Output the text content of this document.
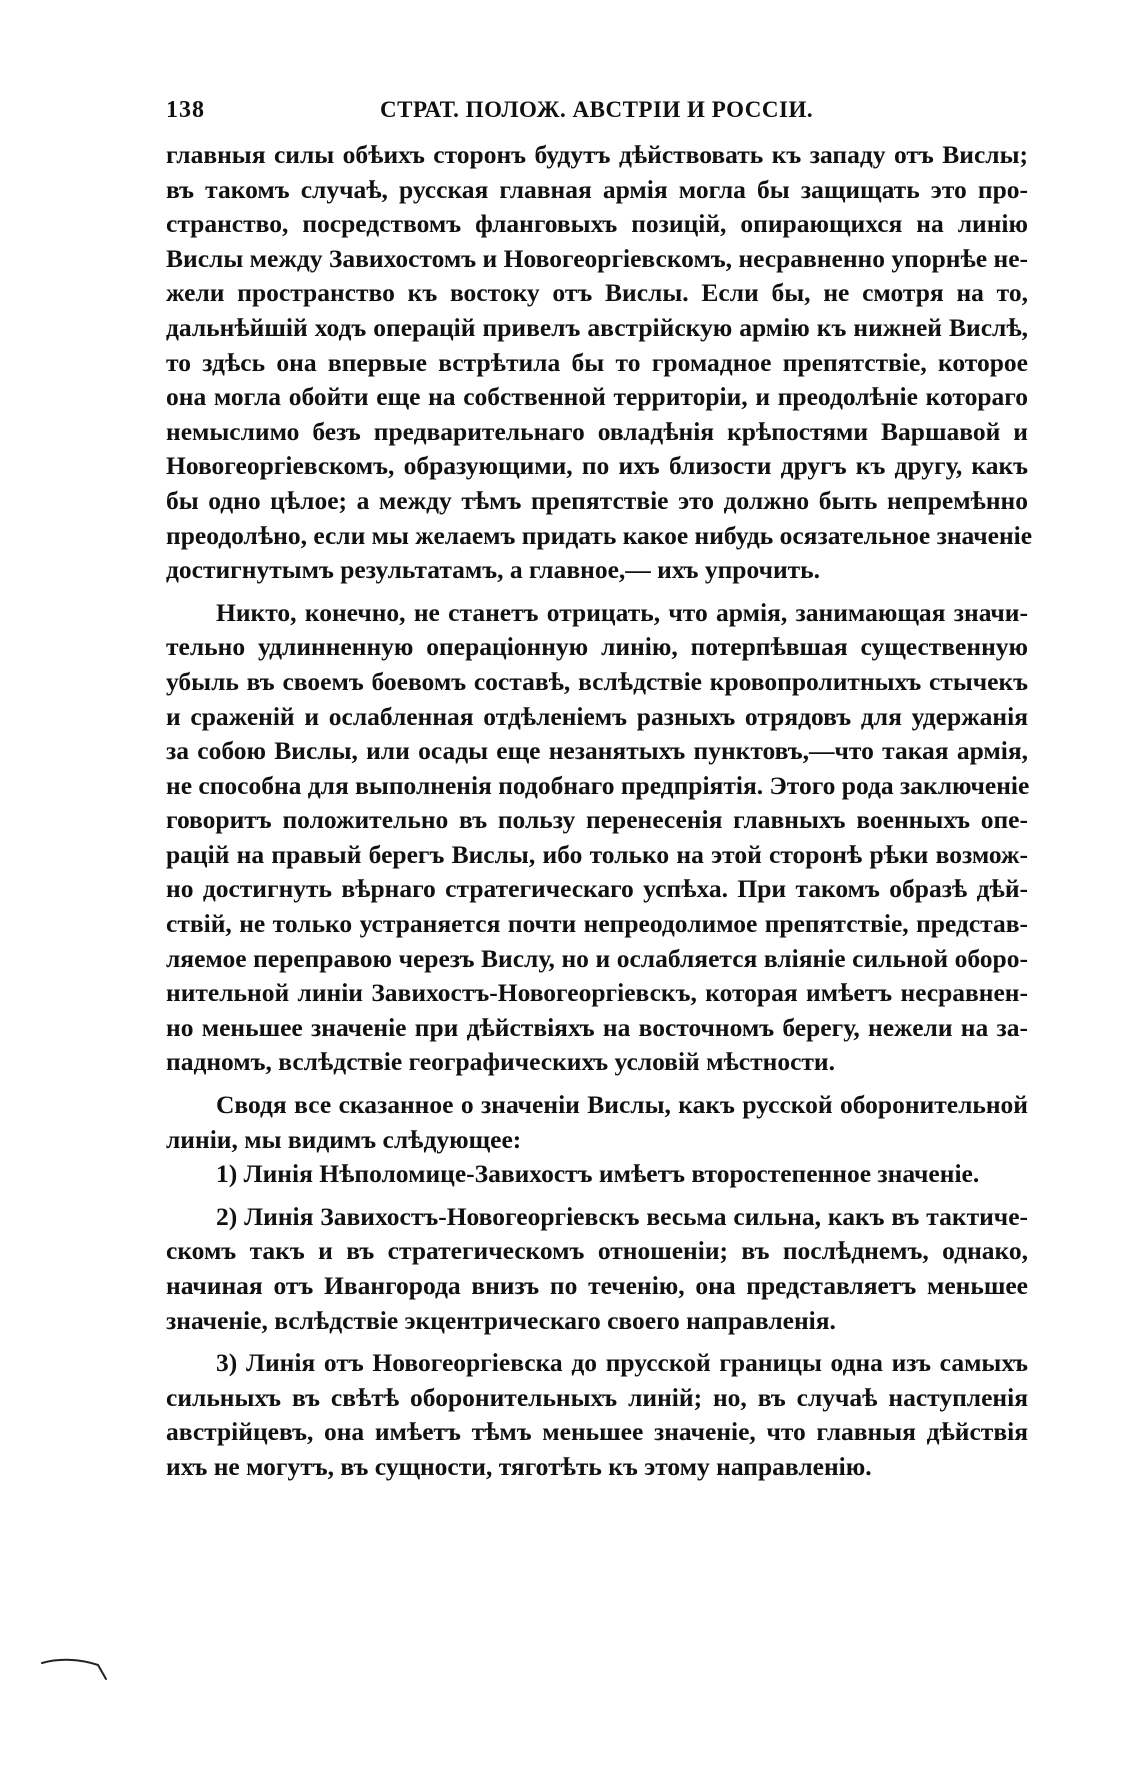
138	СТРАТ. ПОЛОЖ. АВСТРІИ И РОССІИ.
главныя силы обѣихъ сторонъ будутъ дѣйствовать къ западу отъ Вислы;
въ такомъ случаѣ, русская главная армія могла бы защищать это про-
странство, посредствомъ фланговыхъ позицій, опирающихся на линію
Вислы между Завихостомъ и Новогеоргіевскомъ, несравненно упорнѣе не-
жели пространство къ востоку отъ Вислы. Если бы, не смотря на то,
дальнѣйшій ходъ операцій привелъ австрійскую армію къ нижней Вислѣ,
то здѣсь она впервые встрѣтила бы то громадное препятствіе, которое
она могла обойти еще на собственной территоріи, и преодолѣніе котораго
немыслимо безъ предварительнаго овладѣнія крѣпостями Варшавой и
Новогеоргіевскомъ, образующими, по ихъ близости другъ къ другу, какъ
бы одно цѣлое; а между тѣмъ препятствіе это должно быть непремѣнно
преодолѣно, если мы желаемъ придать какое нибудь осязательное значеніе
достигнутымъ результатамъ, а главное,— ихъ упрочить.
Никто, конечно, не станетъ отрицать, что армія, занимающая значи-
тельно удлинненную операціонную линію, потерпѣвшая существенную
убыль въ своемъ боевомъ составѣ, вслѣдствіе кровопролитныхъ стычекъ
и сраженій и ослабленная отдѣленіемъ разныхъ отрядовъ для удержанія
за собою Вислы, или осады еще незанятыхъ пунктовъ,—что такая армія,
не способна для выполненія подобнаго предпріятія. Этого рода заключеніе
говоритъ положительно въ пользу перенесенія главныхъ военныхъ опе-
рацій на правый берегъ Вислы, ибо только на этой сторонѣ рѣки возмож-
но достигнуть вѣрнаго стратегическаго успѣха. При такомъ образѣ дѣй-
ствій, не только устраняется почти непреодолимое препятствіе, представ-
ляемое переправою черезъ Вислу, но и ослабляется вліяніе сильной оборо-
нительной линіи Завихостъ-Новогеоргіевскъ, которая имѣетъ несравнен-
но меньшее значеніе при дѣйствіяхъ на восточномъ берегу, нежели на за-
падномъ, вслѣдствіе географическихъ условій мѣстности.
Сводя все сказанное о значеніи Вислы, какъ русской оборонительной
линіи, мы видимъ слѣдующее:
1) Линія Нѣполомице-Завихостъ имѣетъ второстепенное значеніе.
2) Линія Завихостъ-Новогеоргіевскъ весьма сильна, какъ въ тактиче-
скомъ такъ и въ стратегическомъ отношеніи; въ послѣднемъ, однако,
начиная отъ Ивангорода внизъ по теченію, она представляетъ меньшее
значеніе, вслѣдствіе экцентрическаго своего направленія.
3) Линія отъ Новогеоргіевска до прусской границы одна изъ самыхъ
сильныхъ въ свѣтѣ оборонительныхъ линій; но, въ случаѣ наступленія
австрійцевъ, она имѣетъ тѣмъ меньшее значеніе, что главныя дѣйствія
ихъ не могутъ, въ сущности, тяготѣть къ этому направленію.
